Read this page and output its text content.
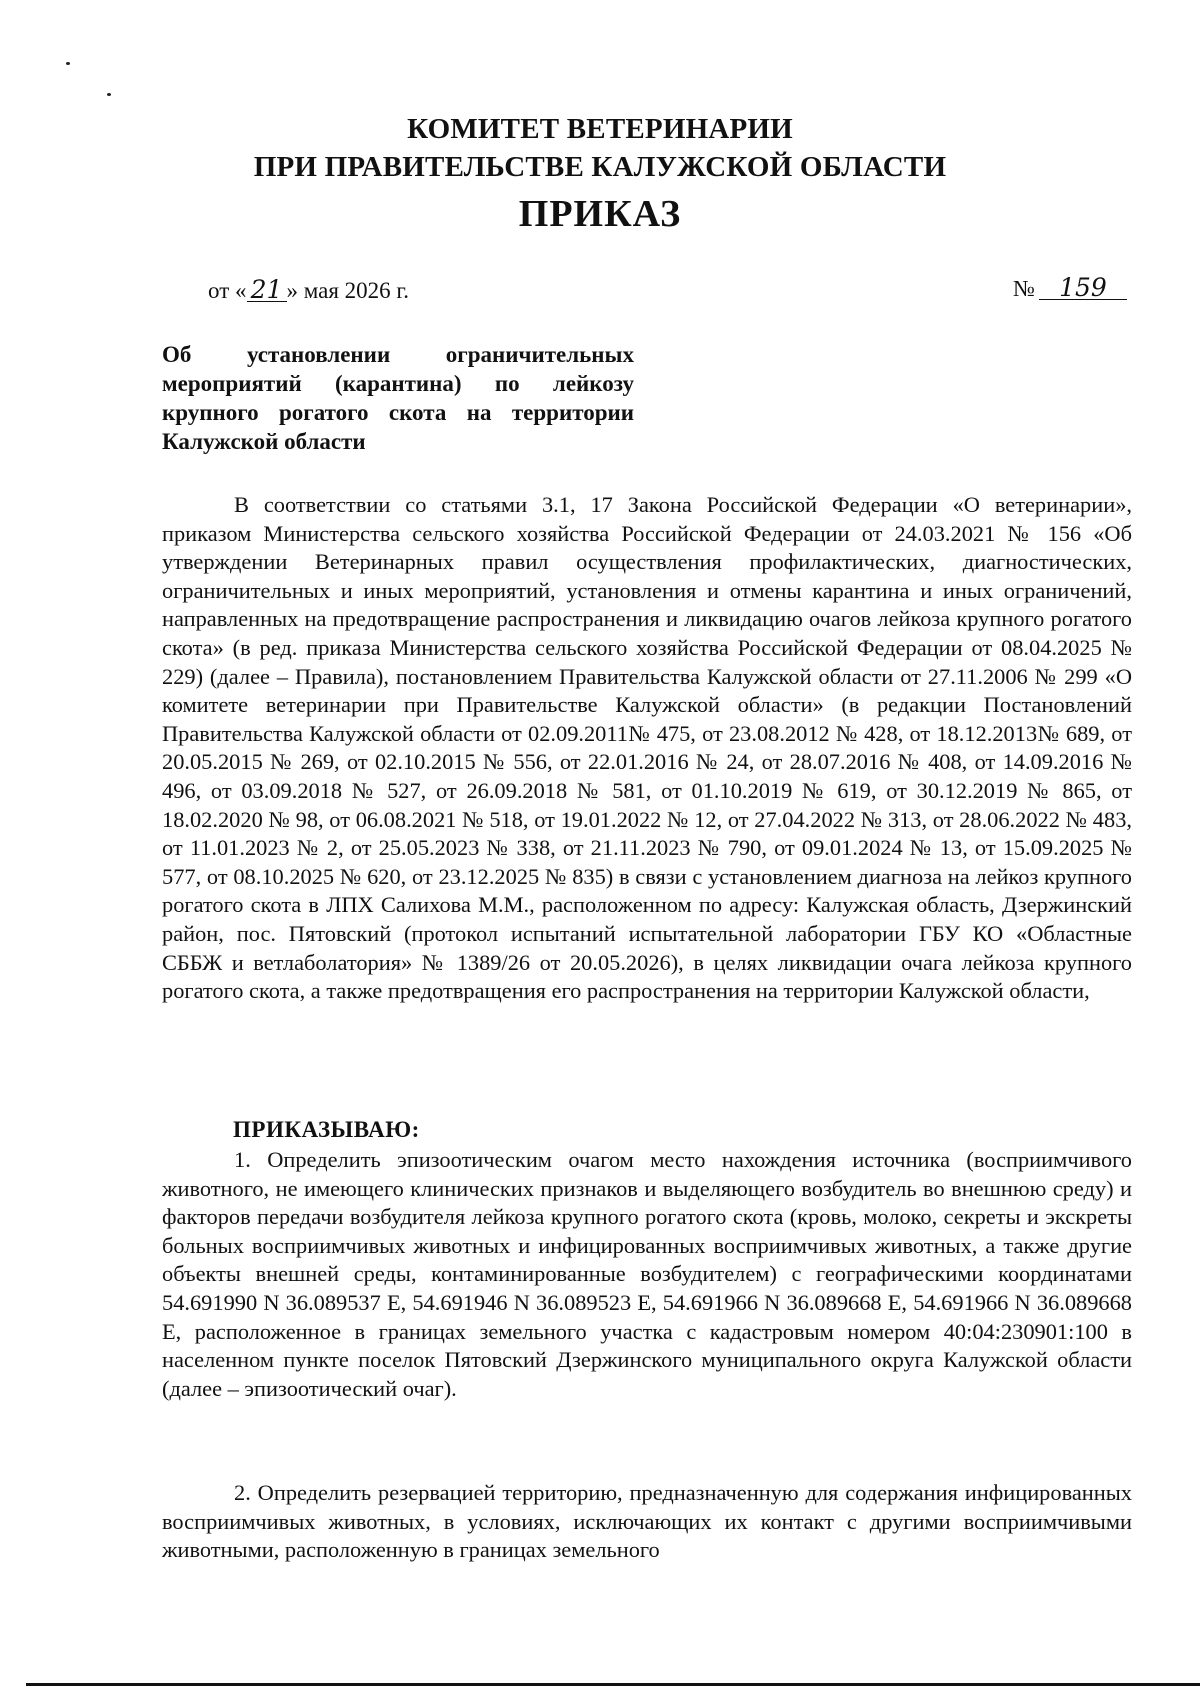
КОМИТЕТ ВЕТЕРИНАРИИ
ПРИ ПРАВИТЕЛЬСТВЕ КАЛУЖСКОЙ ОБЛАСТИ
ПРИКАЗ
от « 21 » мая 2026 г.	№ 159
Об установлении ограничительных мероприятий (карантина) по лейкозу крупного рогатого скота на территории Калужской области
В соответствии со статьями 3.1, 17 Закона Российской Федерации «О ветеринарии», приказом Министерства сельского хозяйства Российской Федерации от 24.03.2021 № 156 «Об утверждении Ветеринарных правил осуществления профилактических, диагностических, ограничительных и иных мероприятий, установления и отмены карантина и иных ограничений, направленных на предотвращение распространения и ликвидацию очагов лейкоза крупного рогатого скота» (в ред. приказа Министерства сельского хозяйства Российской Федерации от 08.04.2025 № 229) (далее – Правила), постановлением Правительства Калужской области от 27.11.2006 № 299 «О комитете ветеринарии при Правительстве Калужской области» (в редакции Постановлений Правительства Калужской области от 02.09.2011№ 475, от 23.08.2012 № 428, от 18.12.2013№ 689, от 20.05.2015 № 269, от 02.10.2015 № 556, от 22.01.2016 № 24, от 28.07.2016 № 408, от 14.09.2016 № 496, от 03.09.2018 № 527, от 26.09.2018 № 581, от 01.10.2019 № 619, от 30.12.2019 № 865, от 18.02.2020 № 98, от 06.08.2021 № 518, от 19.01.2022 № 12, от 27.04.2022 № 313, от 28.06.2022 № 483, от 11.01.2023 № 2, от 25.05.2023 № 338, от 21.11.2023 № 790, от 09.01.2024 № 13, от 15.09.2025 № 577, от 08.10.2025 № 620, от 23.12.2025 № 835) в связи с установлением диагноза на лейкоз крупного рогатого скота в ЛПХ Салихова М.М., расположенном по адресу: Калужская область, Дзержинский район, пос. Пятовский (протокол испытаний испытательной лаборатории ГБУ КО «Областные СББЖ и ветлаболатория» № 1389/26 от 20.05.2026), в целях ликвидации очага лейкоза крупного рогатого скота, а также предотвращения его распространения на территории Калужской области,
ПРИКАЗЫВАЮ:
1. Определить эпизоотическим очагом место нахождения источника (восприимчивого животного, не имеющего клинических признаков и выделяющего возбудитель во внешнюю среду) и факторов передачи возбудителя лейкоза крупного рогатого скота (кровь, молоко, секреты и экскреты больных восприимчивых животных и инфицированных восприимчивых животных, а также другие объекты внешней среды, контаминированные возбудителем) с географическими координатами 54.691990 N 36.089537 E, 54.691946 N 36.089523 E, 54.691966 N 36.089668 E, 54.691966 N 36.089668 E, расположенное в границах земельного участка с кадастровым номером 40:04:230901:100 в населенном пункте поселок Пятовский Дзержинского муниципального округа Калужской области (далее – эпизоотический очаг).
2. Определить резервацией территорию, предназначенную для содержания инфицированных восприимчивых животных, в условиях, исключающих их контакт с другими восприимчивыми животными, расположенную в границах земельного
